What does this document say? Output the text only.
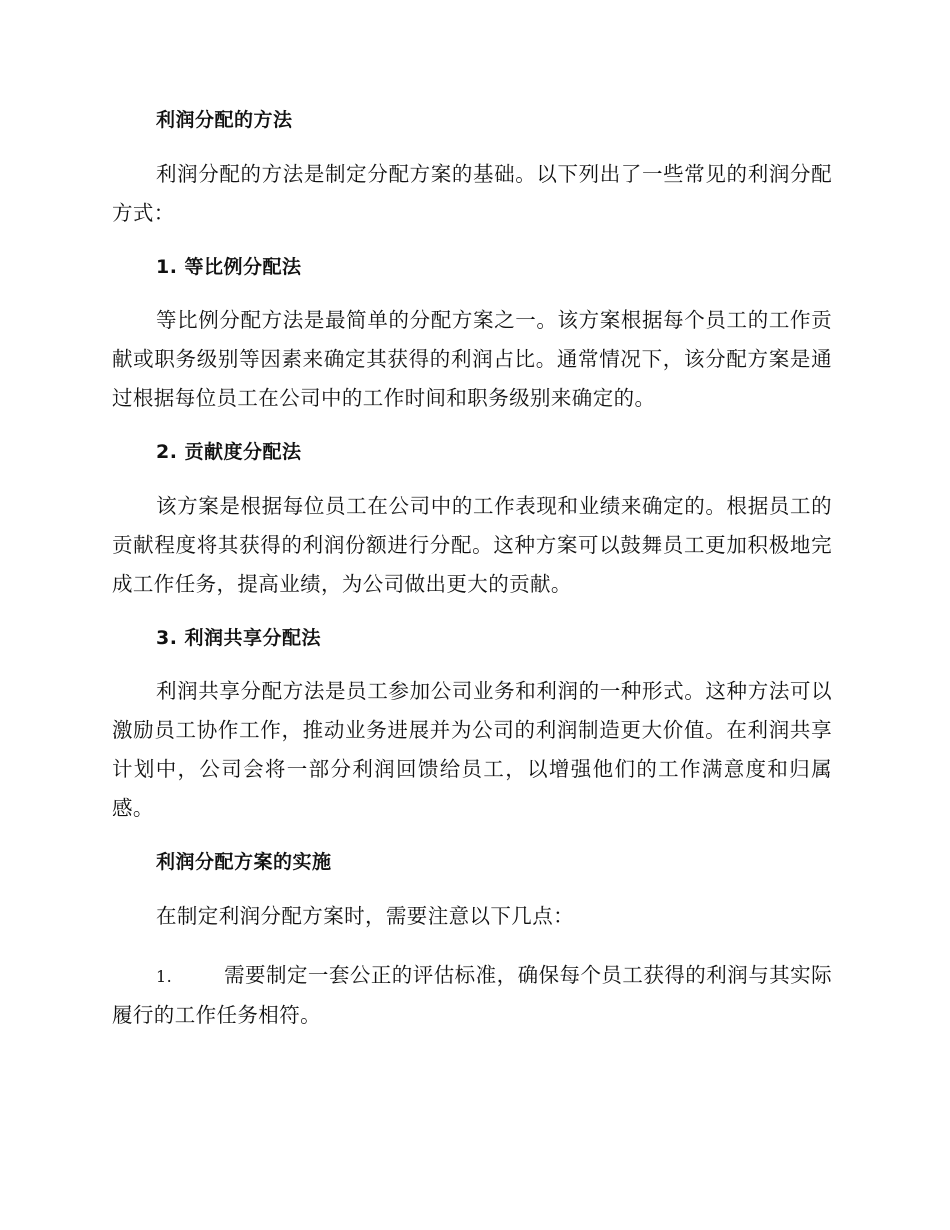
利润分配的方法

利润分配的方法是制定分配方案的基础。以下列出了一些常见的利润分配方式：

1. 等比例分配法

等比例分配方法是最简单的分配方案之一。该方案根据每个员工的工作贡献或职务级别等因素来确定其获得的利润占比。通常情况下，该分配方案是通过根据每位员工在公司中的工作时间和职务级别来确定的。

2. 贡献度分配法

该方案是根据每位员工在公司中的工作表现和业绩来确定的。根据员工的贡献程度将其获得的利润份额进行分配。这种方案可以鼓舞员工更加积极地完成工作任务，提高业绩，为公司做出更大的贡献。

3. 利润共享分配法

利润共享分配方法是员工参加公司业务和利润的一种形式。这种方法可以激励员工协作工作，推动业务进展并为公司的利润制造更大价值。在利润共享计划中，公司会将一部分利润回馈给员工，以增强他们的工作满意度和归属感。

利润分配方案的实施

在制定利润分配方案时，需要注意以下几点：

1.	需要制定一套公正的评估标准，确保每个员工获得的利润与其实际履行的工作任务相符。
